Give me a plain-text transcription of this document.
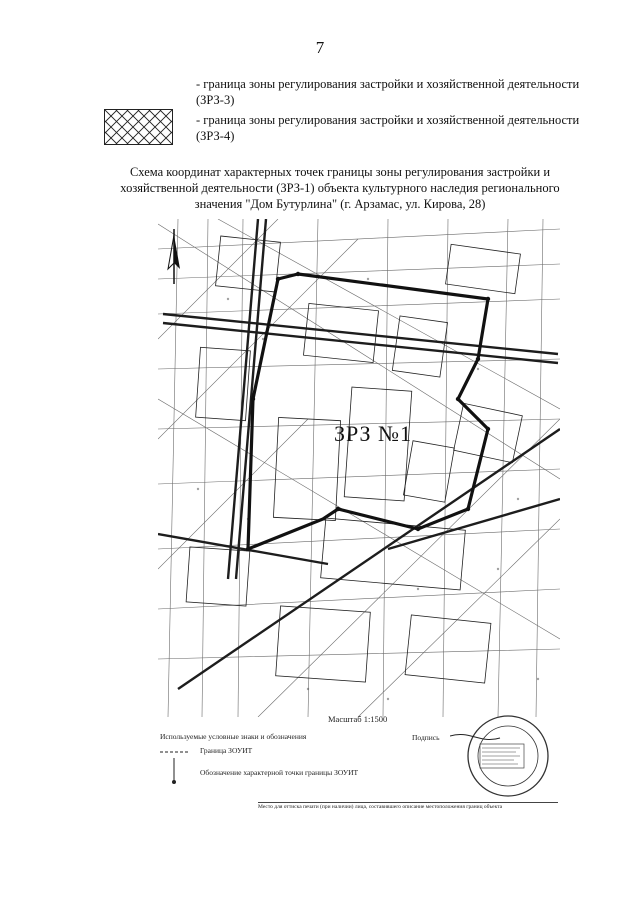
7
- граница зоны регулирования застройки и хозяйственной деятельности
(ЗРЗ-3)
- граница зоны регулирования застройки и хозяйственной деятельности
(ЗРЗ-4)
Схема координат характерных точек границы зоны регулирования застройки и
хозяйственной деятельности (ЗРЗ-1) объекта культурного наследия регионального
значения "Дом Бутурлина" (г. Арзамас, ул. Кирова, 28)
ЗРЗ №1
Масштаб 1:1500
Используемые условные знаки и обозначения	Подпись
Граница ЗОУИТ
Обозначение характерной точки границы ЗОУИТ
Место для оттиска печати (при наличии) лица, составившего описание местоположения границ объекта
